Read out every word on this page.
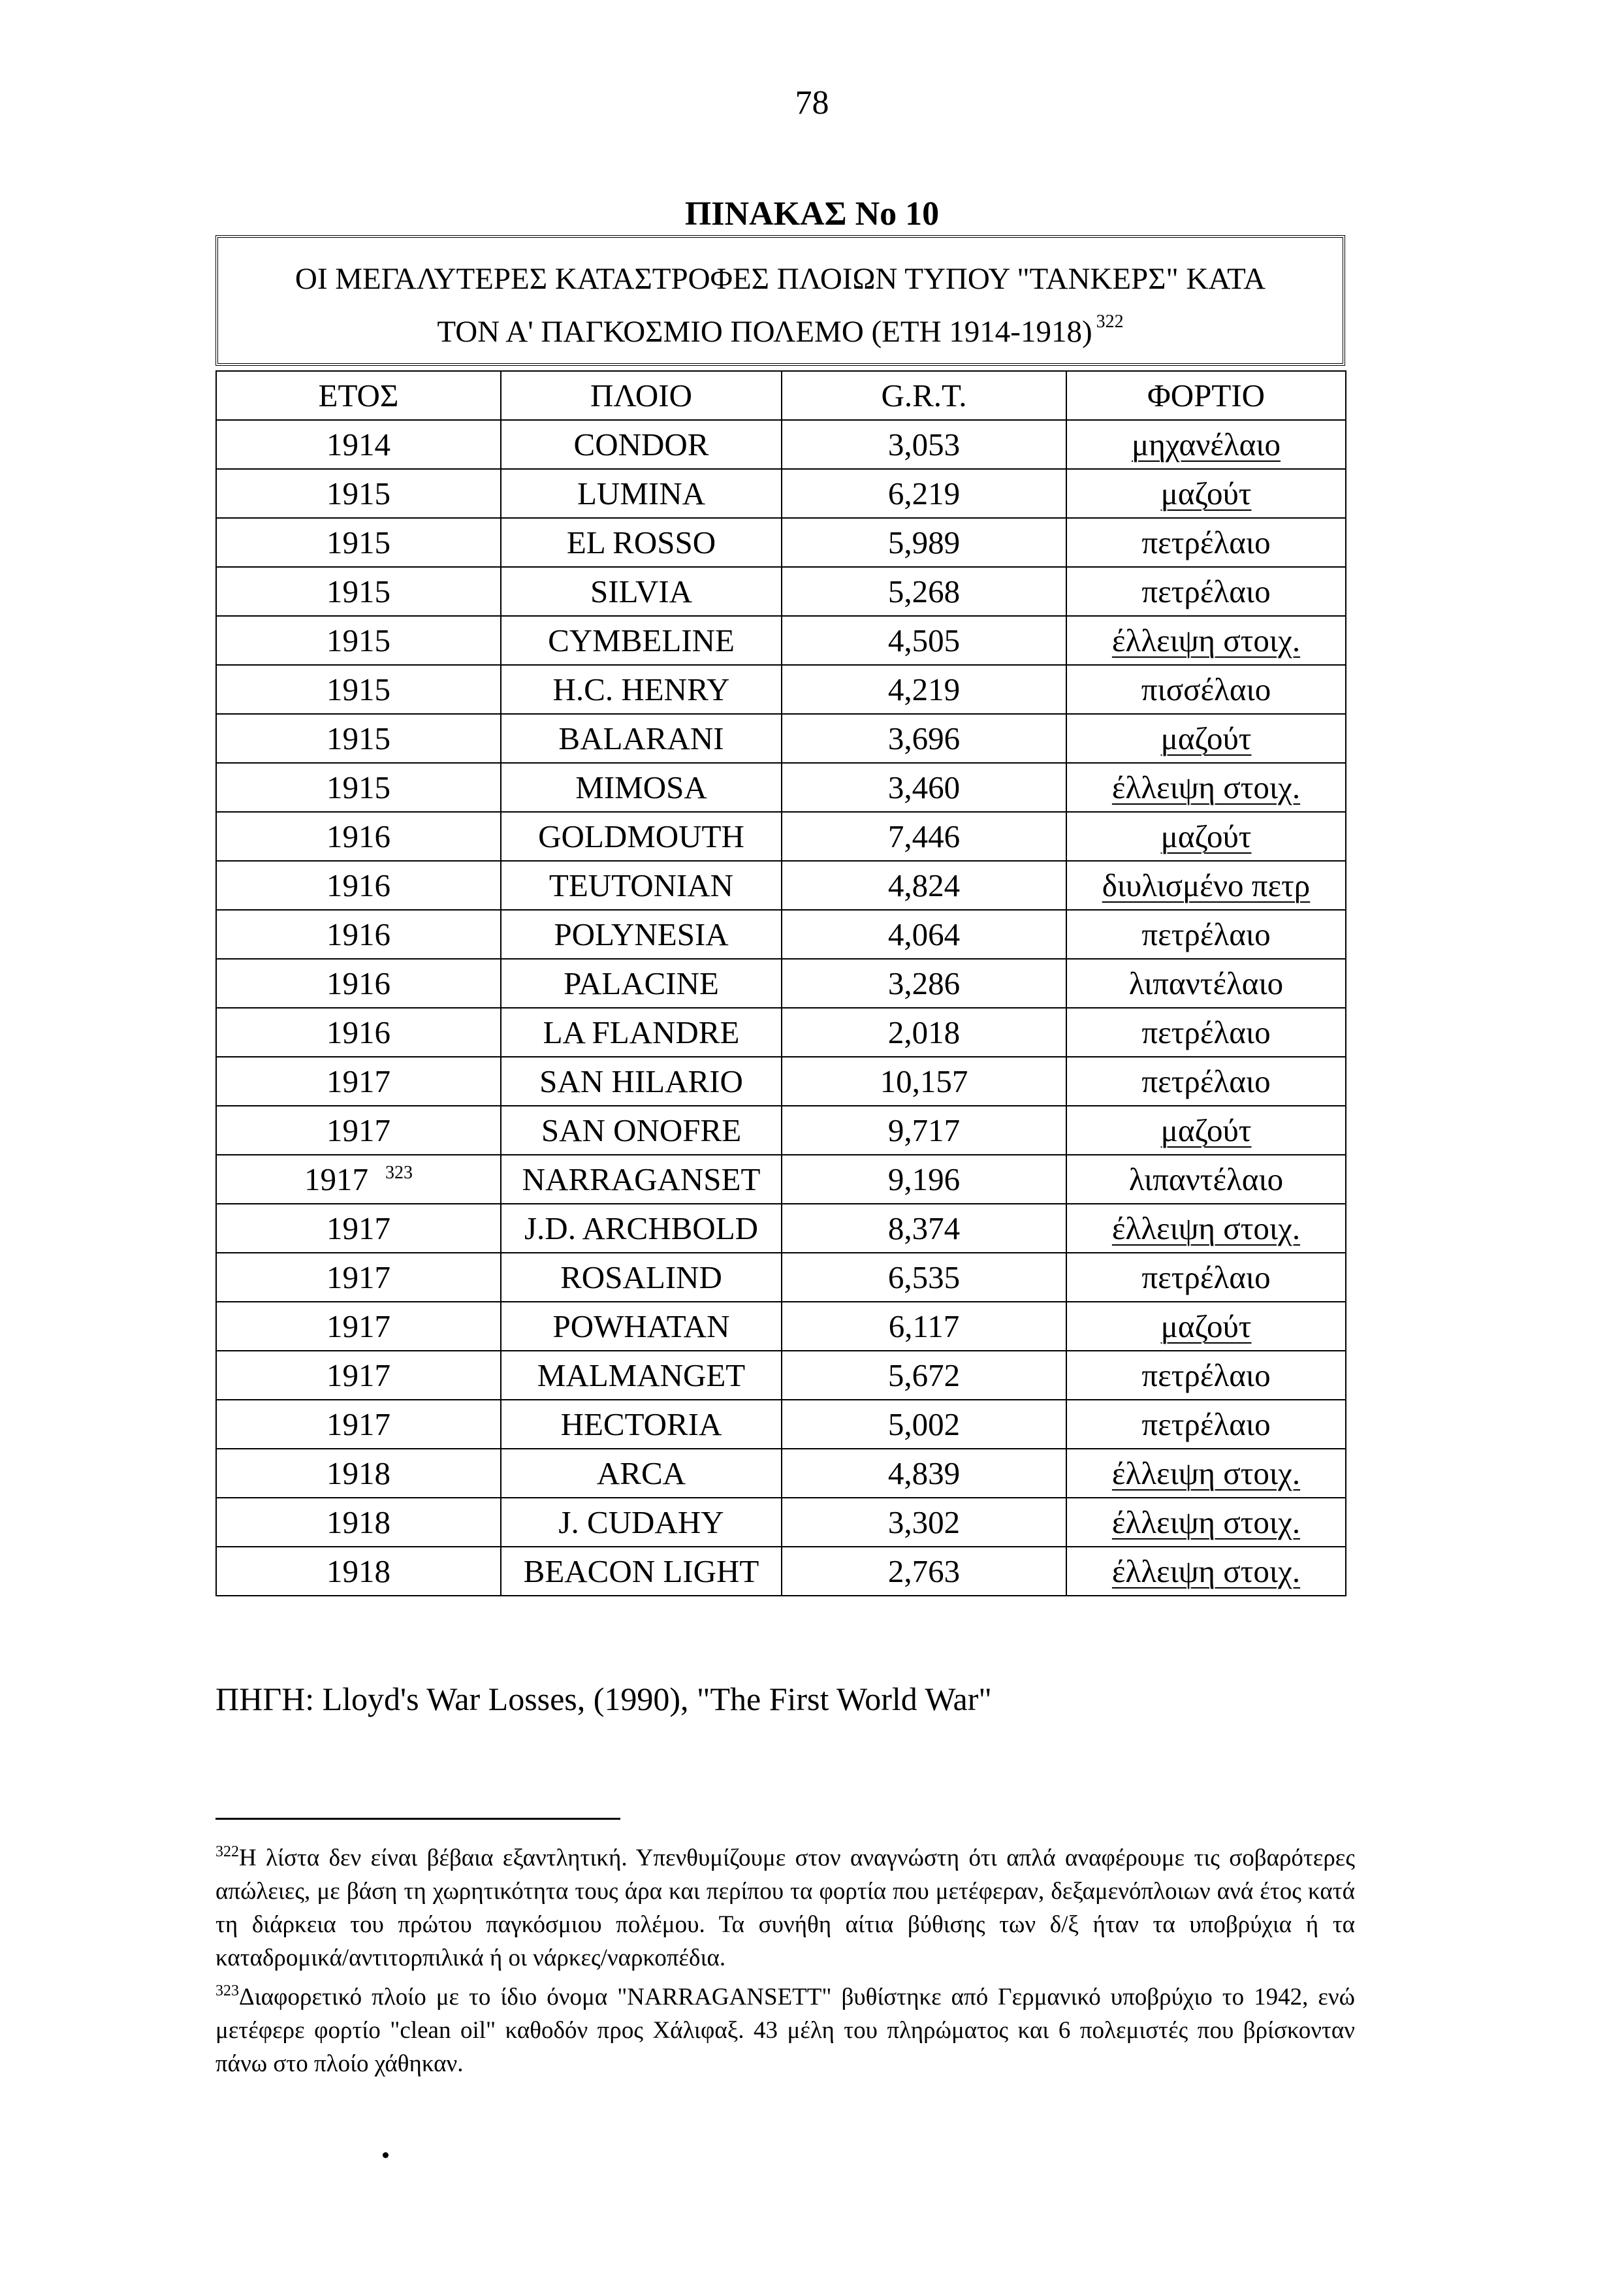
78
ΠΙΝΑΚΑΣ Νο 10
ΟΙ ΜΕΓΑΛΥΤΕΡΕΣ ΚΑΤΑΣΤΡΟΦΕΣ ΠΛΟΙΩΝ ΤΥΠΟΥ "ΤΑΝΚΕΡΣ" ΚΑΤΑ
ΤΟΝ Α' ΠΑΓΚΟΣΜΙΟ ΠΟΛΕΜΟ (ΕΤΗ 1914-1918) $^{322}$
ΕΤΟΣ	ΠΛΟΙΟ	G.R.T.	ΦΟΡΤΙΟ
1914	CONDOR	3,053	μηχανέλαιο
1915	LUMINA	6,219	μαζούτ
1915	EL ROSSO	5,989	πετρέλαιο
1915	SILVIA	5,268	πετρέλαιο
1915	CYMBELINE	4,505	έλλειψη στοιχ.
1915	H.C. HENRY	4,219	πισσέλαιο
1915	BALARANI	3,696	μαζούτ
1915	MIMOSA	3,460	έλλειψη στοιχ.
1916	GOLDMOUTH	7,446	μαζούτ
1916	TEUTONIAN	4,824	διυλισμένο πετρ
1916	POLYNESIA	4,064	πετρέλαιο
1916	PALACINE	3,286	λιπαντέλαιο
1916	LA FLANDRE	2,018	πετρέλαιο
1917	SAN HILARIO	10,157	πετρέλαιο
1917	SAN ONOFRE	9,717	μαζούτ
1917 $^{323}$	NARRAGANSET	9,196	λιπαντέλαιο
1917	J.D. ARCHBOLD	8,374	έλλειψη στοιχ.
1917	ROSALIND	6,535	πετρέλαιο
1917	POWHATAN	6,117	μαζούτ
1917	MALMANGET	5,672	πετρέλαιο
1917	HECTORIA	5,002	πετρέλαιο
1918	ARCA	4,839	έλλειψη στοιχ.
1918	J. CUDAHY	3,302	έλλειψη στοιχ.
1918	BEACON LIGHT	2,763	έλλειψη στοιχ.
ΠΗΓΗ: Lloyd's War Losses, (1990), "The First World War"

$^{322}$Η λίστα δεν είναι βέβαια εξαντλητική. Υπενθυμίζουμε στον αναγνώστη ότι απλά αναφέρουμε τις σοβαρότερες απώλειες, με βάση τη χωρητικότητα τους άρα και περίπου τα φορτία που μετέφεραν, δεξαμενόπλοιων ανά έτος κατά τη διάρκεια του πρώτου παγκόσμιου πολέμου. Τα συνήθη αίτια βύθισης των δ/ξ ήταν τα υποβρύχια ή τα καταδρομικά/αντιτορπιλικά ή οι νάρκες/ναρκοπέδια.

$^{323}$Διαφορετικό πλοίο με το ίδιο όνομα "NARRAGANSETT" βυθίστηκε από Γερμανικό υποβρύχιο το 1942, ενώ μετέφερε φορτίο "clean oil" καθοδόν προς Χάλιφαξ. 43 μέλη του πληρώματος και 6 πολεμιστές που βρίσκονταν πάνω στο πλοίο χάθηκαν.
